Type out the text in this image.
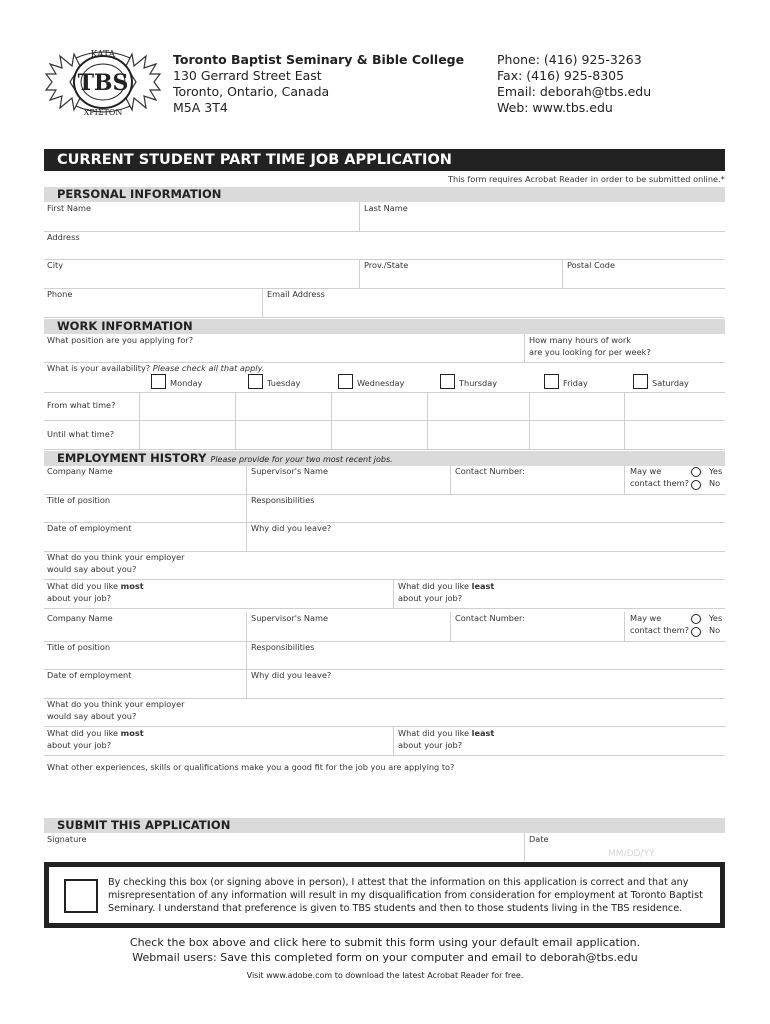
KATA
TBS
XPIΣTON
Toronto Baptist Seminary & Bible College
130 Gerrard Street East
Toronto, Ontario, Canada
M5A 3T4
Phone: (416) 925-3263
Fax: (416) 925-8305
Email: deborah@tbs.edu
Web: www.tbs.edu
CURRENT STUDENT PART TIME JOB APPLICATION
This form requires Acrobat Reader in order to be submitted online.*
PERSONAL INFORMATION
First Name	Last Name
Address
City	Prov./State	Postal Code
Phone	Email Address
WORK INFORMATION
What position are you applying for?	How many hours of work
are you looking for per week?
What is your availability? Please check all that apply.
Monday	Tuesday	Wednesday	Thursday	Friday	Saturday
From what time?
Until what time?
EMPLOYMENT HISTORY Please provide for your two most recent jobs.
Company Name	Supervisor's Name	Contact Number:	May we
contact them?
Yes
No
Title of position	Responsibilities
Date of employment	Why did you leave?
What do you think your employer
would say about you?
What did you like most
about your job?
What did you like least
about your job?
Company Name	Supervisor's Name	Contact Number:	May we
contact them?
Yes
No
Title of position	Responsibilities
Date of employment	Why did you leave?
What do you think your employer
would say about you?
What did you like most
about your job?
What did you like least
about your job?
What other experiences, skills or qualifications make you a good fit for the job you are applying to?
SUBMIT THIS APPLICATION
Signature	Date
MM/DD/YY
By checking this box (or signing above in person), I attest that the information on this application is correct and that any misrepresentation of any information will result in my disqualification from consideration for employment at Toronto Baptist Seminary. I understand that preference is given to TBS students and then to those students living in the TBS residence.
Check the box above and click here to submit this form using your default email application.
Webmail users: Save this completed form on your computer and email to deborah@tbs.edu
Visit www.adobe.com to download the latest Acrobat Reader for free.
